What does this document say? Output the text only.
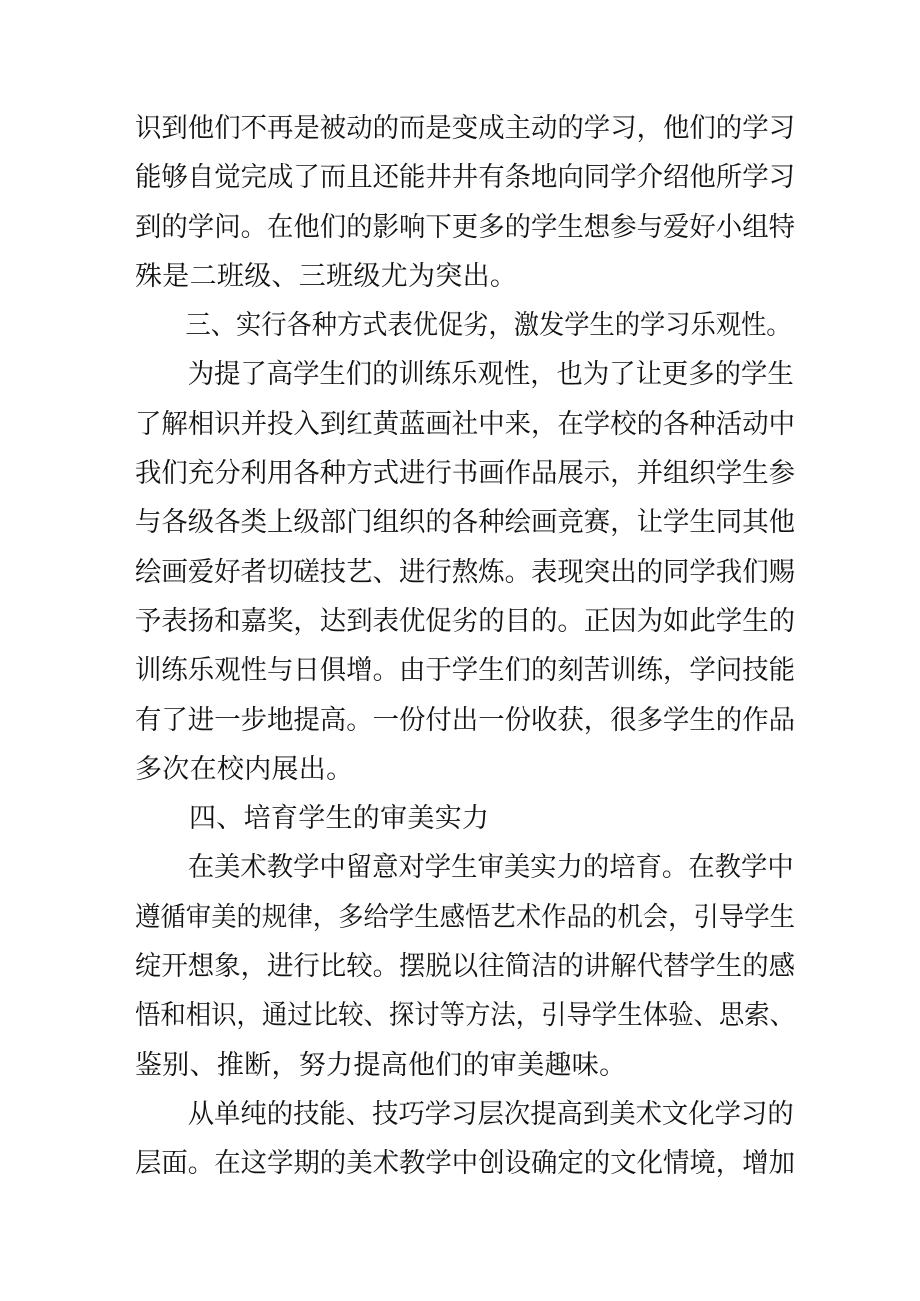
识到他们不再是被动的而是变成主动的学习，他们的学习
能够自觉完成了而且还能井井有条地向同学介绍他所学习
到的学问。在他们的影响下更多的学生想参与爱好小组特
殊是二班级、三班级尤为突出。
三、实行各种方式表优促劣，激发学生的学习乐观性。
为提了高学生们的训练乐观性，也为了让更多的学生
了解相识并投入到红黄蓝画社中来，在学校的各种活动中
我们充分利用各种方式进行书画作品展示，并组织学生参
与各级各类上级部门组织的各种绘画竞赛，让学生同其他
绘画爱好者切磋技艺、进行熬炼。表现突出的同学我们赐
予表扬和嘉奖，达到表优促劣的目的。正因为如此学生的
训练乐观性与日俱增。由于学生们的刻苦训练，学问技能
有了进一步地提高。一份付出一份收获，很多学生的作品
多次在校内展出。
四、培育学生的审美实力
在美术教学中留意对学生审美实力的培育。在教学中
遵循审美的规律，多给学生感悟艺术作品的机会，引导学生
绽开想象，进行比较。摆脱以往简洁的讲解代替学生的感
悟和相识，通过比较、探讨等方法，引导学生体验、思索、
鉴别、推断，努力提高他们的审美趣味。
从单纯的技能、技巧学习层次提高到美术文化学习的
层面。在这学期的美术教学中创设确定的文化情境，增加
